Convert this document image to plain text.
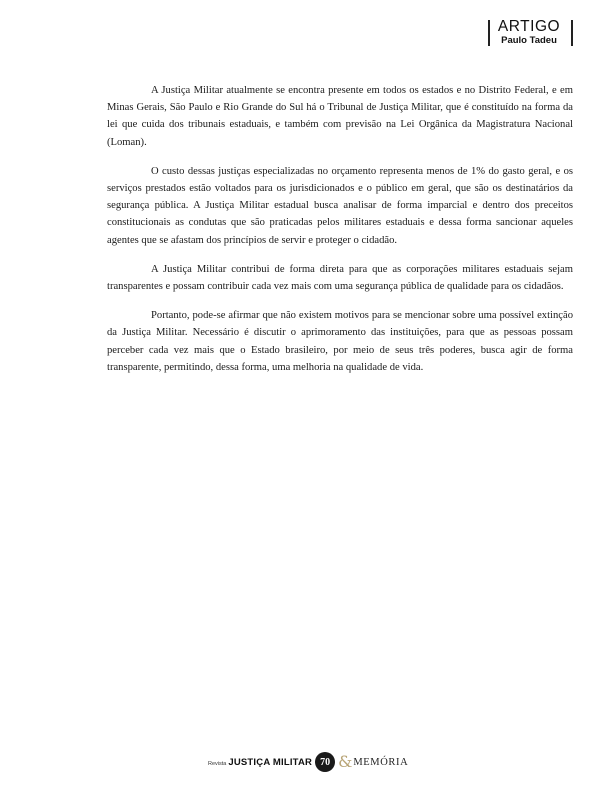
ARTIGO
Paulo Tadeu

A Justiça Militar atualmente se encontra presente em todos os estados e no Distrito Federal, e em Minas Gerais, São Paulo e Rio Grande do Sul há o Tribunal de Justiça Militar, que é constituído na forma da lei que cuida dos tribunais estaduais, e também com previsão na Lei Orgânica da Magistratura Nacional (Loman).

O custo dessas justiças especializadas no orçamento representa menos de 1% do gasto geral, e os serviços prestados estão voltados para os jurisdicionados e o público em geral, que são os destinatários da segurança pública. A Justiça Militar estadual busca analisar de forma imparcial e dentro dos preceitos constitucionais as condutas que são praticadas pelos militares estaduais e dessa forma sancionar aqueles agentes que se afastam dos princípios de servir e proteger o cidadão.

A Justiça Militar contribui de forma direta para que as corporações militares estaduais sejam transparentes e possam contribuir cada vez mais com uma segurança pública de qualidade para os cidadãos.

Portanto, pode-se afirmar que não existem motivos para se mencionar sobre uma possível extinção da Justiça Militar. Necessário é discutir o aprimoramento das instituições, para que as pessoas possam perceber cada vez mais que o Estado brasileiro, por meio de seus três poderes, busca agir de forma transparente, permitindo, dessa forma, uma melhoria na qualidade de vida.

Revista JUSTIÇA MILITAR 70 & MEMÓRIA
